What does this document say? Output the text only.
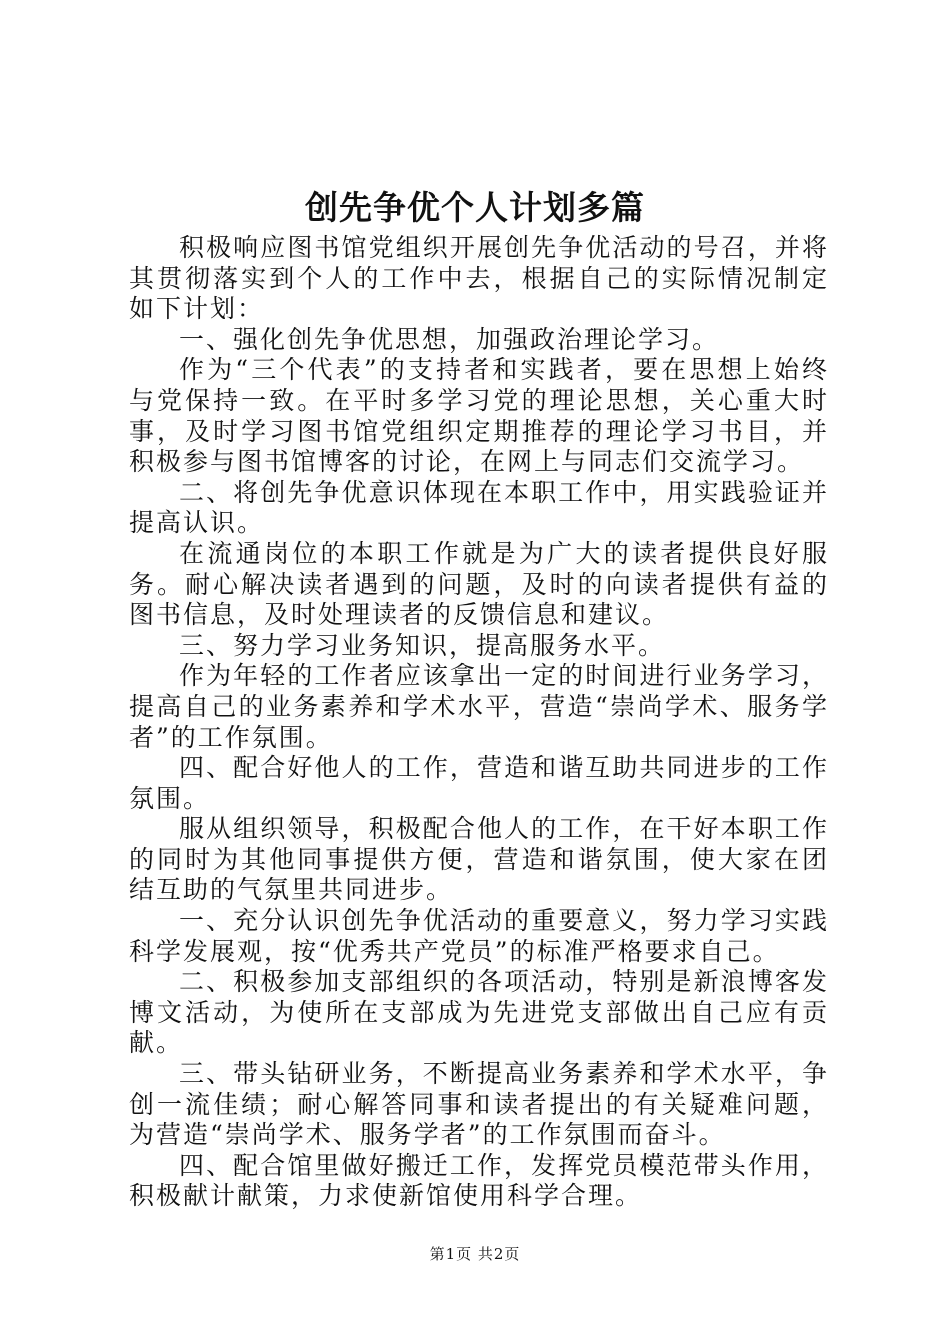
创先争优个人计划多篇

积极响应图书馆党组织开展创先争优活动的号召，并将其贯彻落实到个人的工作中去，根据自己的实际情况制定如下计划：

一、强化创先争优思想，加强政治理论学习。

作为“三个代表”的支持者和实践者，要在思想上始终与党保持一致。在平时多学习党的理论思想，关心重大时事，及时学习图书馆党组织定期推荐的理论学习书目，并积极参与图书馆博客的讨论，在网上与同志们交流学习。

二、将创先争优意识体现在本职工作中，用实践验证并提高认识。

在流通岗位的本职工作就是为广大的读者提供良好服务。耐心解决读者遇到的问题，及时的向读者提供有益的图书信息，及时处理读者的反馈信息和建议。

三、努力学习业务知识，提高服务水平。

作为年轻的工作者应该拿出一定的时间进行业务学习，提高自己的业务素养和学术水平，营造“崇尚学术、服务学者”的工作氛围。

四、配合好他人的工作，营造和谐互助共同进步的工作氛围。

服从组织领导，积极配合他人的工作，在干好本职工作的同时为其他同事提供方便，营造和谐氛围，使大家在团结互助的气氛里共同进步。

一、充分认识创先争优活动的重要意义，努力学习实践科学发展观，按“优秀共产党员”的标准严格要求自己。

二、积极参加支部组织的各项活动，特别是新浪博客发博文活动，为使所在支部成为先进党支部做出自己应有贡献。

三、带头钻研业务，不断提高业务素养和学术水平，争创一流佳绩；耐心解答同事和读者提出的有关疑难问题，为营造“崇尚学术、服务学者”的工作氛围而奋斗。

四、配合馆里做好搬迁工作，发挥党员模范带头作用，积极献计献策，力求使新馆使用科学合理。

第1页 共2页
